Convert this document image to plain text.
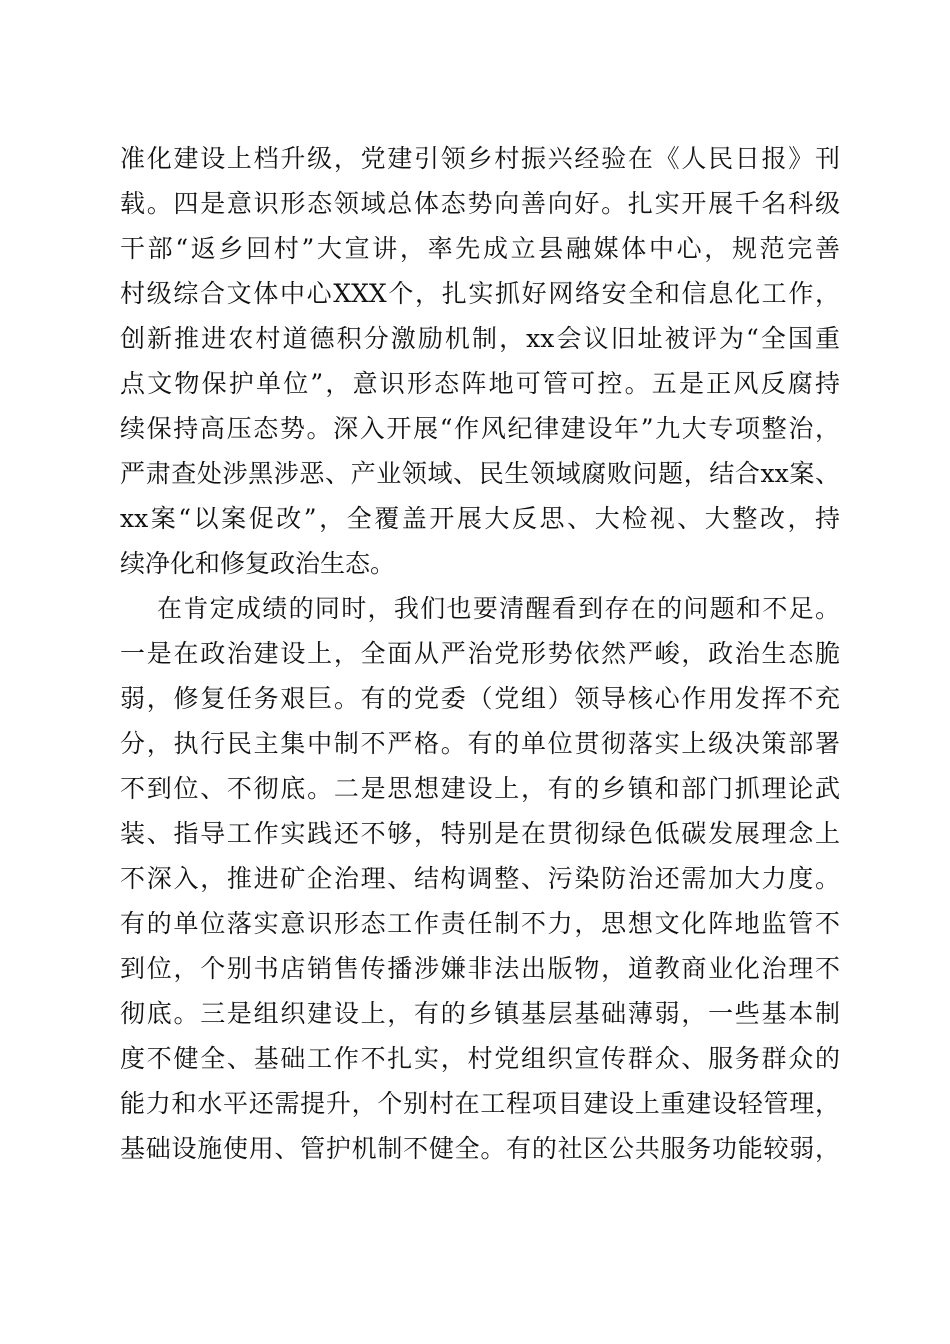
准化建设上档升级，党建引领乡村振兴经验在《人民日报》刊
载。四是意识形态领域总体态势向善向好。扎实开展千名科级
干部“返乡回村”大宣讲，率先成立县融媒体中心，规范完善
村级综合文体中心XXX个，扎实抓好网络安全和信息化工作，
创新推进农村道德积分激励机制，xx会议旧址被评为“全国重
点文物保护单位”，意识形态阵地可管可控。五是正风反腐持
续保持高压态势。深入开展“作风纪律建设年”九大专项整治，
严肃查处涉黑涉恶、产业领域、民生领域腐败问题，结合xx案、
xx案“以案促改”，全覆盖开展大反思、大检视、大整改，持
续净化和修复政治生态。
在肯定成绩的同时，我们也要清醒看到存在的问题和不足。
一是在政治建设上，全面从严治党形势依然严峻，政治生态脆
弱，修复任务艰巨。有的党委（党组）领导核心作用发挥不充
分，执行民主集中制不严格。有的单位贯彻落实上级决策部署
不到位、不彻底。二是思想建设上，有的乡镇和部门抓理论武
装、指导工作实践还不够，特别是在贯彻绿色低碳发展理念上
不深入，推进矿企治理、结构调整、污染防治还需加大力度。
有的单位落实意识形态工作责任制不力，思想文化阵地监管不
到位，个别书店销售传播涉嫌非法出版物，道教商业化治理不
彻底。三是组织建设上，有的乡镇基层基础薄弱，一些基本制
度不健全、基础工作不扎实，村党组织宣传群众、服务群众的
能力和水平还需提升，个别村在工程项目建设上重建设轻管理，
基础设施使用、管护机制不健全。有的社区公共服务功能较弱，
